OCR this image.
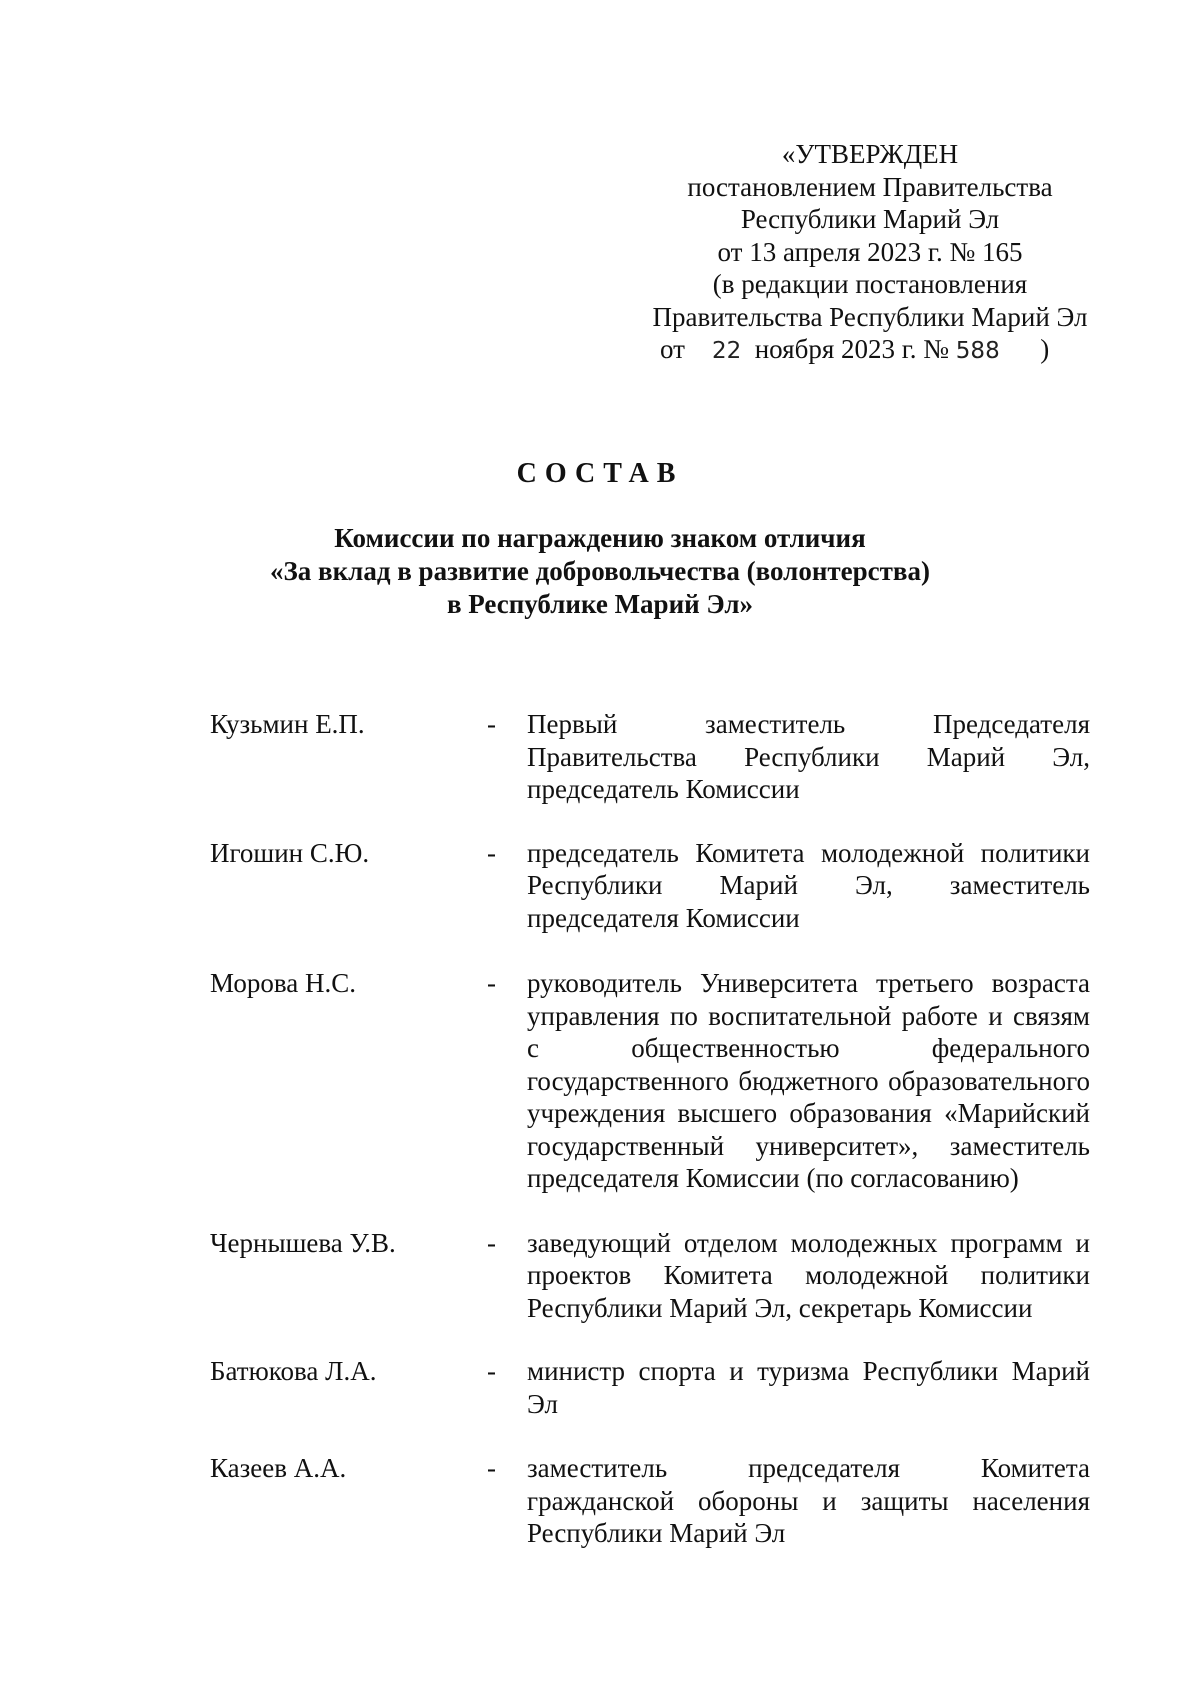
«УТВЕРЖДЕН
постановлением Правительства
Республики Марий Эл
от 13 апреля 2023 г. № 165
(в редакции постановления
Правительства Республики Марий Эл
от 22 ноября 2023 г. № 588 )
СОСТАВ
Комиссии по награждению знаком отличия
«За вклад в развитие добровольчества (волонтерства)
в Республике Марий Эл»
Кузьмин Е.П.	-	Первый заместитель Председателя Правительства Республики Марий Эл, председатель Комиссии
Игошин С.Ю.	-	председатель Комитета молодежной политики Республики Марий Эл, заместитель председателя Комиссии
Морова Н.С.	-	руководитель Университета третьего возраста управления по воспитательной работе и связям с общественностью федерального государственного бюджетного образовательного учреждения высшего образования «Марийский государственный университет», заместитель председателя Комиссии (по согласованию)
Чернышева У.В.	-	заведующий отделом молодежных программ и проектов Комитета молодежной политики Республики Марий Эл, секретарь Комиссии
Батюкова Л.А.	-	министр спорта и туризма Республики Марий Эл
Казеев А.А.	-	заместитель председателя Комитета гражданской обороны и защиты населения Республики Марий Эл
